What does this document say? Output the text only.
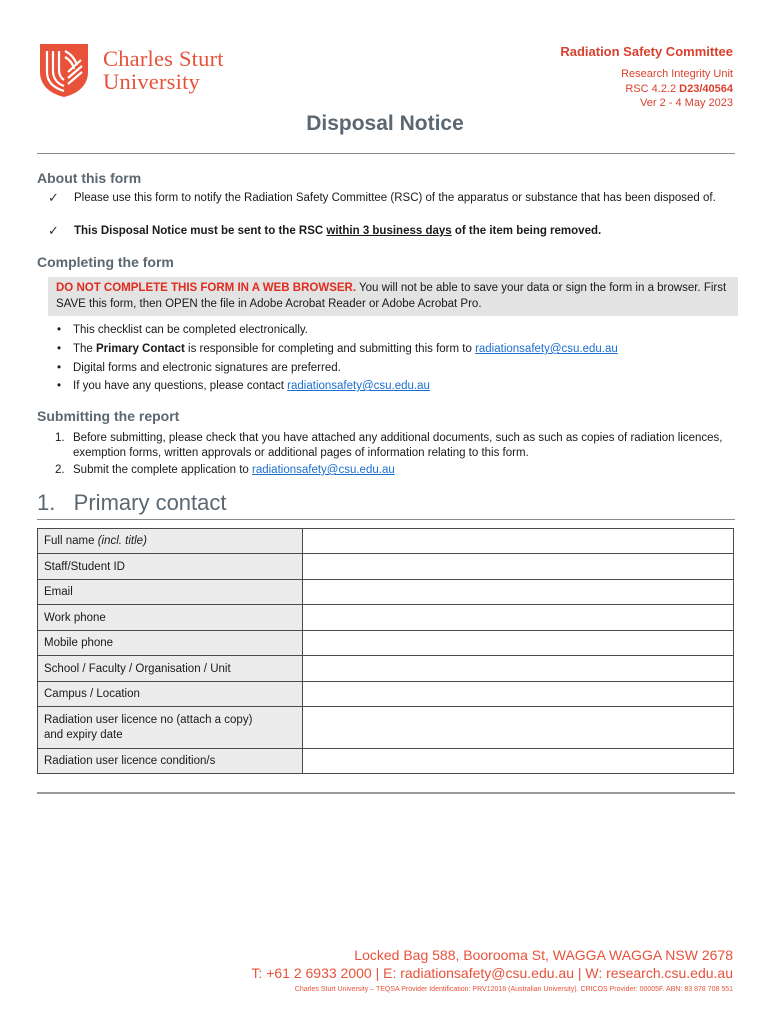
Charles Sturt
University
Radiation Safety Committee
Research Integrity Unit
RSC 4.2.2 D23/40564
Ver 2 - 4 May 2023
Disposal Notice
About this form
✓	Please use this form to notify the Radiation Safety Committee (RSC) of the apparatus or substance that has been disposed of.
✓	This Disposal Notice must be sent to the RSC within 3 business days of the item being removed.
Completing the form
DO NOT COMPLETE THIS FORM IN A WEB BROWSER. You will not be able to save your data or sign the form in a browser. First SAVE this form, then OPEN the file in Adobe Acrobat Reader or Adobe Acrobat Pro.
•	This checklist can be completed electronically.
•	The Primary Contact is responsible for completing and submitting this form to radiationsafety@csu.edu.au
•	Digital forms and electronic signatures are preferred.
•	If you have any questions, please contact radiationsafety@csu.edu.au
Submitting the report
1. Before submitting, please check that you have attached any additional documents, such as such as copies of radiation licences, exemption forms, written approvals or additional pages of information relating to this form.
2. Submit the complete application to radiationsafety@csu.edu.au
1.   Primary contact
Full name (incl. title)	
Staff/Student ID	
Email	
Work phone	
Mobile phone	
School / Faculty / Organisation / Unit	
Campus / Location	

Radiation user licence no (attach a copy)
and expiry date	

Radiation user licence condition/s	
Locked Bag 588, Boorooma St, WAGGA WAGGA NSW 2678
T: +61 2 6933 2000 | E: radiationsafety@csu.edu.au | W: research.csu.edu.au
Charles Sturt University – TEQSA Provider Identification: PRV12018 (Australian University). CRICOS Provider: 00005F. ABN: 83 878 708 551
